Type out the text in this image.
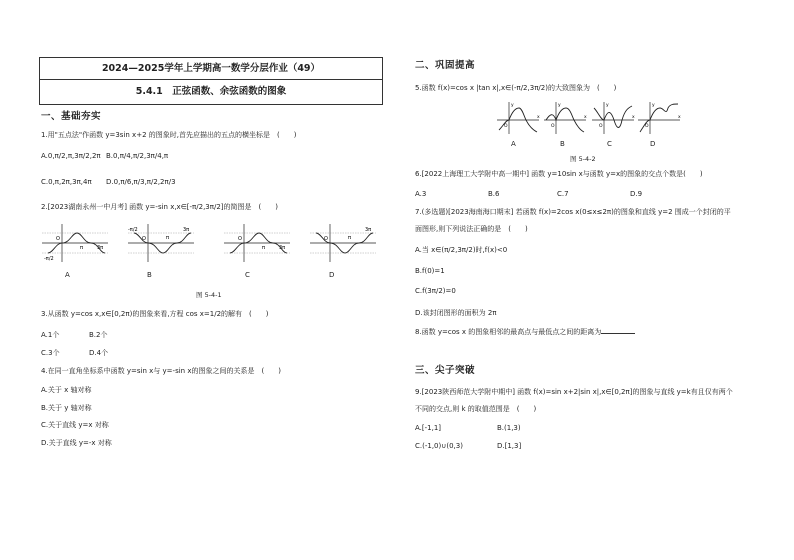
2024—2025学年上学期高一数学分层作业（49）
5.4.1　正弦函数、余弦函数的图象
一、基础夯实
1.用"五点法"作函数 y=3sin x+2 的图象时,首先应描出的五点的横坐标是　(　　)
A.0,π/2,π,3π/2,2π B.0,π/4,π/2,3π/4,π
C.0,π,2π,3π,4π D.0,π/6,π/3,π/2,2π/3
2.[2023湖南永州一中月考] 函数 y=-sin x,x∈[-π/2,3π/2]的简图是　(　　)
O
π	3π
-π/2
O	π
3π
-π/2
O
π	3π
O	π
3π
A	B	C	D
图 5-4-1
3.从函数 y=cos x,x∈[0,2π)的图象来看,方程 cos x=1/2的解有　(　　)
A.1个	B.2个
C.3个	D.4个
4.在同一直角坐标系中函数 y=sin x与 y=-sin x的图象之间的关系是　(　　)
A.关于 x 轴对称
B.关于 y 轴对称
C.关于直线 y=x 对称
D.关于直线 y=-x 对称
二、巩固提高
5.函数 f(x)=cos x |tan x|,x∈(-π/2,3π/2)的大致图象为　(　　)
O
y
x
O
y
x
O
y
x
O
y
x
A	B	C	D
图 5-4-2
6.[2022上海理工大学附中高一期中] 函数 y=10sin x与函数 y=x的图象的交点个数是(　　)
A.3	B.6	C.7	D.9
7.(多选题)[2023海南海口期末] 若函数 f(x)=2cos x(0≤x≤2π)的图象和直线 y=2 围成一个封闭的平
面图形,则下列说法正确的是　(　　)
A.当 x∈(π/2,3π/2)时,f(x)<0
B.f(0)=1
C.f(3π/2)=0
D.该封闭图形的面积为 2π
8.函数 y=cos x 的图象相邻的最高点与最低点之间的距离为
三、尖子突破
9.[2023陕西师范大学附中期中] 函数 f(x)=sin x+2|sin x|,x∈[0,2π]的图象与直线 y=k有且仅有两个
不同的交点,则 k 的取值范围是　(　　)
A.[-1,1]	B.(1,3)
C.(-1,0)∪(0,3)	D.[1,3]
